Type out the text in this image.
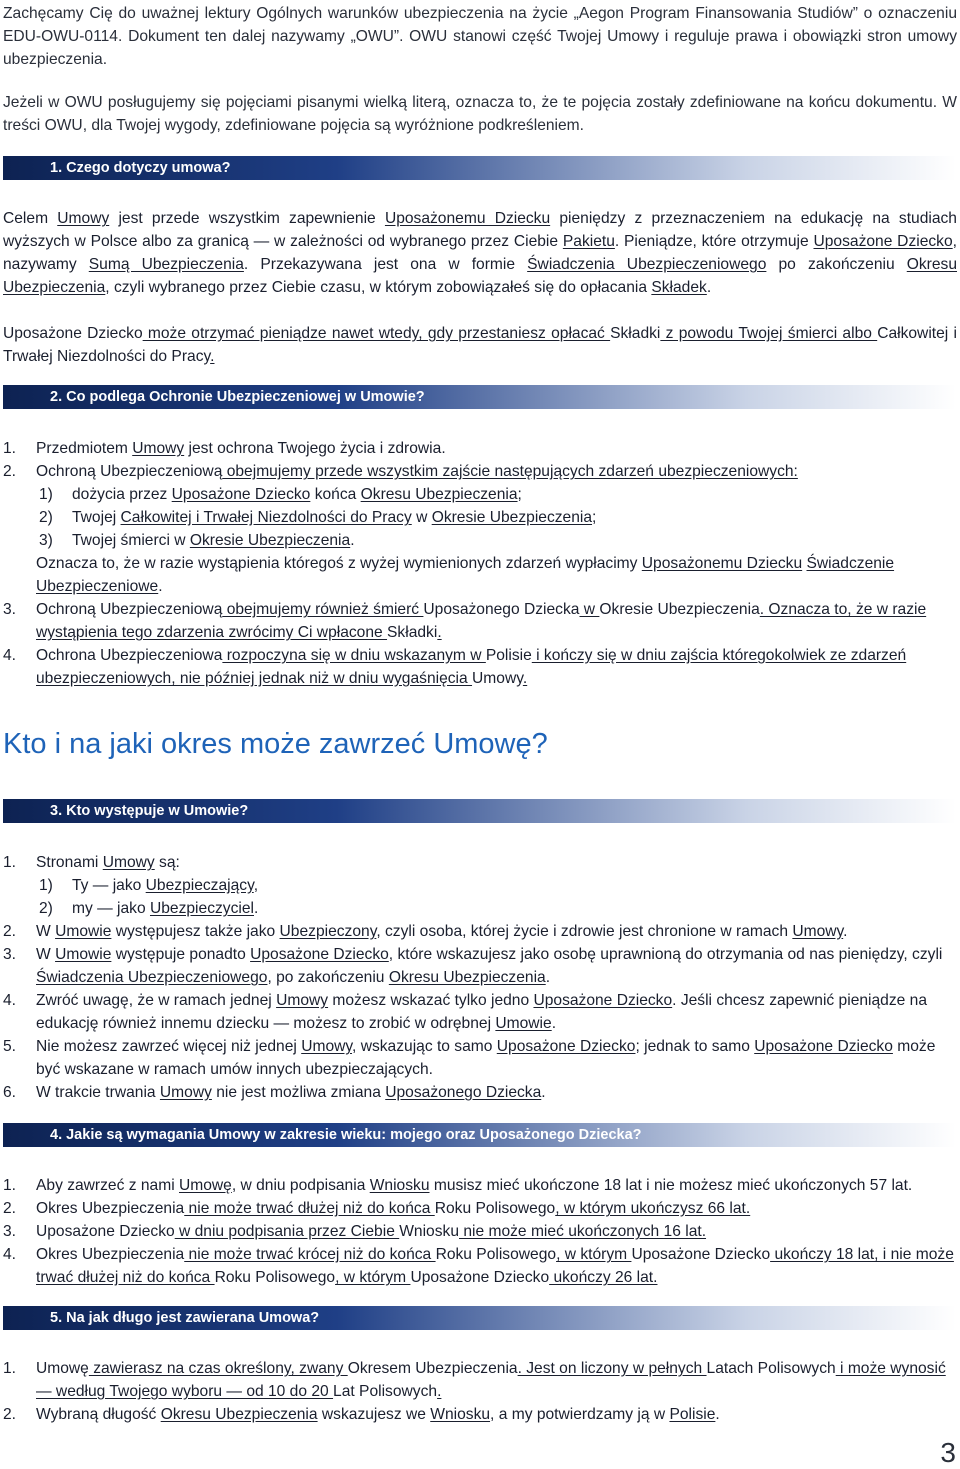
Zachęcamy Cię do uważnej lektury Ogólnych warunków ubezpieczenia na życie „Aegon Program Finansowania Studiów” o oznaczeniu EDU-OWU-0114. Dokument ten dalej nazywamy „OWU”. OWU stanowi część Twojej Umowy i reguluje prawa i obowiązki stron umowy ubezpieczenia.
Jeżeli w OWU posługujemy się pojęciami pisanymi wielką literą, oznacza to, że te pojęcia zostały zdefiniowane na końcu dokumentu. W treści OWU, dla Twojej wygody, zdefiniowane pojęcia są wyróżnione podkreśleniem.
1. Czego dotyczy umowa?
Celem Umowy jest przede wszystkim zapewnienie Uposażonemu Dziecku pieniędzy z przeznaczeniem na edukację na studiach wyższych w Polsce albo za granicą — w zależności od wybranego przez Ciebie Pakietu. Pieniądze, które otrzymuje Uposażone Dziecko, nazywamy Sumą Ubezpieczenia. Przekazywana jest ona w formie Świadczenia Ubezpieczeniowego po zakończeniu Okresu Ubezpieczenia, czyli wybranego przez Ciebie czasu, w którym zobowiązałeś się do opłacania Składek.
Uposażone Dziecko może otrzymać pieniądze nawet wtedy, gdy przestaniesz opłacać Składki z powodu Twojej śmierci albo Całkowitej i Trwałej Niezdolności do Pracy.
2. Co podlega Ochronie Ubezpieczeniowej w Umowie?
1. Przedmiotem Umowy jest ochrona Twojego życia i zdrowia.
2. Ochroną Ubezpieczeniową obejmujemy przede wszystkim zajście następujących zdarzeń ubezpieczeniowych:
1) dożycia przez Uposażone Dziecko końca Okresu Ubezpieczenia;
2) Twojej Całkowitej i Trwałej Niezdolności do Pracy w Okresie Ubezpieczenia;
3) Twojej śmierci w Okresie Ubezpieczenia.
Oznacza to, że w razie wystąpienia któregoś z wyżej wymienionych zdarzeń wypłacimy Uposażonemu Dziecku Świadczenie Ubezpieczeniowe.
3. Ochroną Ubezpieczeniową obejmujemy również śmierć Uposażonego Dziecka w Okresie Ubezpieczenia. Oznacza to, że w razie wystąpienia tego zdarzenia zwrócimy Ci wpłacone Składki.
4. Ochrona Ubezpieczeniowa rozpoczyna się w dniu wskazanym w Polisie i kończy się w dniu zajścia któregokolwiek ze zdarzeń ubezpieczeniowych, nie później jednak niż w dniu wygaśnięcia Umowy.
Kto i na jaki okres może zawrzeć Umowę?
3. Kto występuje w Umowie?
1. Stronami Umowy są:
1) Ty — jako Ubezpieczający,
2) my — jako Ubezpieczyciel.
2. W Umowie występujesz także jako Ubezpieczony, czyli osoba, której życie i zdrowie jest chronione w ramach Umowy.
3. W Umowie występuje ponadto Uposażone Dziecko, które wskazujesz jako osobę uprawnioną do otrzymania od nas pieniędzy, czyli Świadczenia Ubezpieczeniowego, po zakończeniu Okresu Ubezpieczenia.
4. Zwróć uwagę, że w ramach jednej Umowy możesz wskazać tylko jedno Uposażone Dziecko. Jeśli chcesz zapewnić pieniądze na edukację również innemu dziecku — możesz to zrobić w odrębnej Umowie.
5. Nie możesz zawrzeć więcej niż jednej Umowy, wskazując to samo Uposażone Dziecko; jednak to samo Uposażone Dziecko może być wskazane w ramach umów innych ubezpieczających.
6. W trakcie trwania Umowy nie jest możliwa zmiana Uposażonego Dziecka.
4. Jakie są wymagania Umowy w zakresie wieku: mojego oraz Uposażonego Dziecka?
1. Aby zawrzeć z nami Umowę, w dniu podpisania Wniosku musisz mieć ukończone 18 lat i nie możesz mieć ukończonych 57 lat.
2. Okres Ubezpieczenia nie może trwać dłużej niż do końca Roku Polisowego, w którym ukończysz 66 lat.
3. Uposażone Dziecko w dniu podpisania przez Ciebie Wniosku nie może mieć ukończonych 16 lat.
4. Okres Ubezpieczenia nie może trwać krócej niż do końca Roku Polisowego, w którym Uposażone Dziecko ukończy 18 lat, i nie może trwać dłużej niż do końca Roku Polisowego, w którym Uposażone Dziecko ukończy 26 lat.
5. Na jak długo jest zawierana Umowa?
1. Umowę zawierasz na czas określony, zwany Okresem Ubezpieczenia. Jest on liczony w pełnych Latach Polisowych i może wynosić — według Twojego wyboru — od 10 do 20 Lat Polisowych.
2. Wybraną długość Okresu Ubezpieczenia wskazujesz we Wniosku, a my potwierdzamy ją w Polisie.
3
